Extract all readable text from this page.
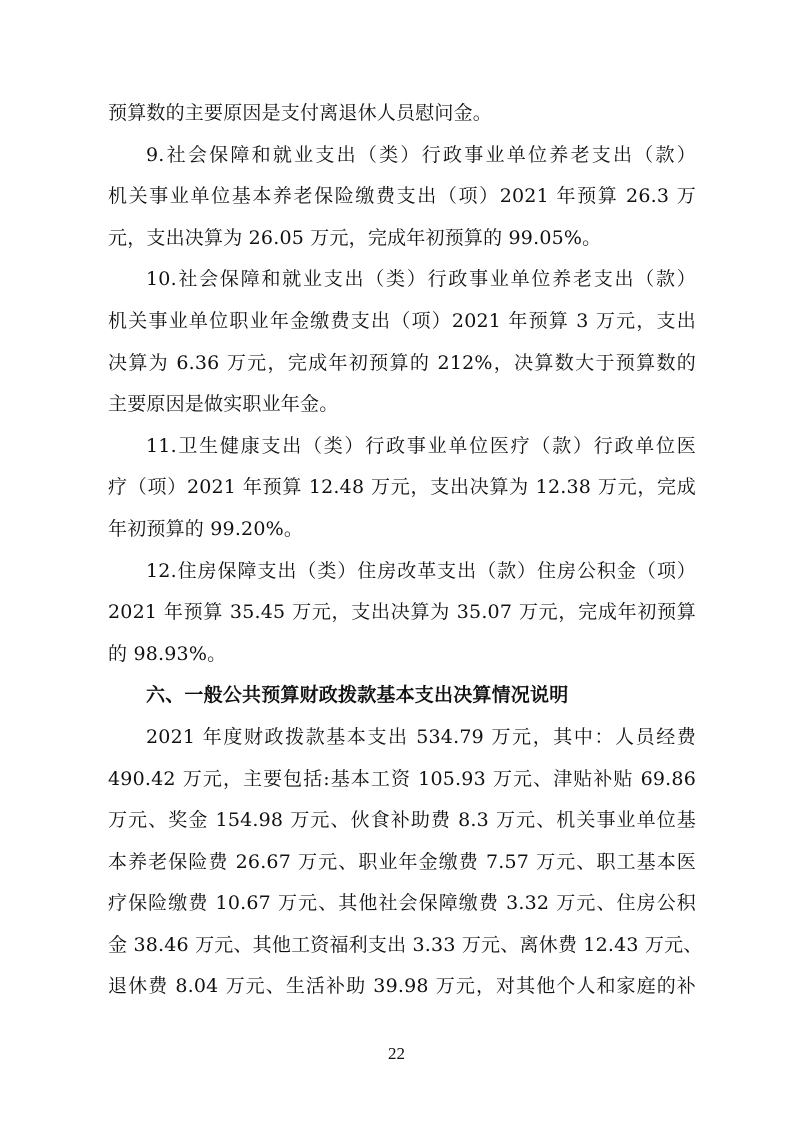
预算数的主要原因是支付离退休人员慰问金。
9.社会保障和就业支出（类）行政事业单位养老支出（款）
机关事业单位基本养老保险缴费支出（项）2021 年预算 26.3 万
元，支出决算为 26.05 万元，完成年初预算的 99.05%。
10.社会保障和就业支出（类）行政事业单位养老支出（款）
机关事业单位职业年金缴费支出（项）2021 年预算 3 万元，支出
决算为 6.36 万元，完成年初预算的 212%，决算数大于预算数的
主要原因是做实职业年金。
11.卫生健康支出（类）行政事业单位医疗（款）行政单位医
疗（项）2021 年预算 12.48 万元，支出决算为 12.38 万元，完成
年初预算的 99.20%。
12.住房保障支出（类）住房改革支出（款）住房公积金（项）
2021 年预算 35.45 万元，支出决算为 35.07 万元，完成年初预算
的 98.93%。
六、一般公共预算财政拨款基本支出决算情况说明
2021 年度财政拨款基本支出 534.79 万元，其中：人员经费
490.42 万元，主要包括:基本工资 105.93 万元、津贴补贴 69.86
万元、奖金 154.98 万元、伙食补助费 8.3 万元、机关事业单位基
本养老保险费 26.67 万元、职业年金缴费 7.57 万元、职工基本医
疗保险缴费 10.67 万元、其他社会保障缴费 3.32 万元、住房公积
金 38.46 万元、其他工资福利支出 3.33 万元、离休费 12.43 万元、
退休费 8.04 万元、生活补助 39.98 万元，对其他个人和家庭的补
22
